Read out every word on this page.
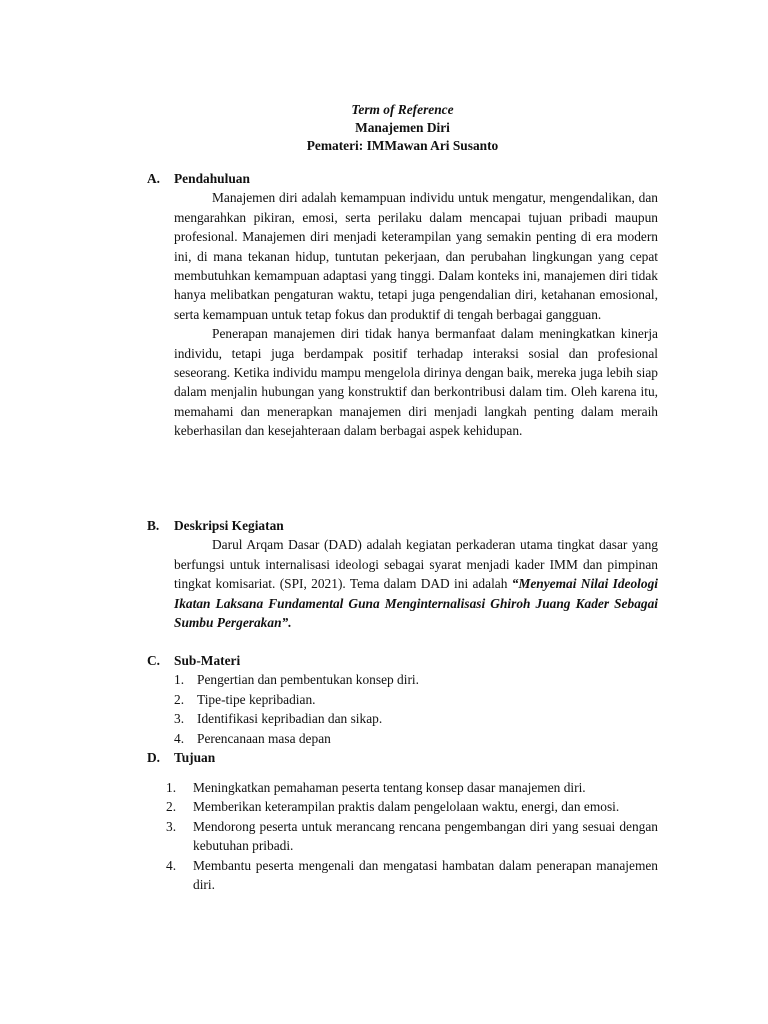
Term of Reference
Manajemen Diri
Pemateri: IMMawan Ari Susanto
A.	Pendahuluan

Manajemen diri adalah kemampuan individu untuk mengatur, mengendalikan, dan mengarahkan pikiran, emosi, serta perilaku dalam mencapai tujuan pribadi maupun profesional. Manajemen diri menjadi keterampilan yang semakin penting di era modern ini, di mana tekanan hidup, tuntutan pekerjaan, dan perubahan lingkungan yang cepat membutuhkan kemampuan adaptasi yang tinggi. Dalam konteks ini, manajemen diri tidak hanya melibatkan pengaturan waktu, tetapi juga pengendalian diri, ketahanan emosional, serta kemampuan untuk tetap fokus dan produktif di tengah berbagai gangguan.

Penerapan manajemen diri tidak hanya bermanfaat dalam meningkatkan kinerja individu, tetapi juga berdampak positif terhadap interaksi sosial dan profesional seseorang. Ketika individu mampu mengelola dirinya dengan baik, mereka juga lebih siap dalam menjalin hubungan yang konstruktif dan berkontribusi dalam tim. Oleh karena itu, memahami dan menerapkan manajemen diri menjadi langkah penting dalam meraih keberhasilan dan kesejahteraan dalam berbagai aspek kehidupan.

B.	Deskripsi Kegiatan

Darul Arqam Dasar (DAD) adalah kegiatan perkaderan utama tingkat dasar yang berfungsi untuk internalisasi ideologi sebagai syarat menjadi kader IMM dan pimpinan tingkat komisariat. (SPI, 2021). Tema dalam DAD ini adalah “Menyemai Nilai Ideologi Ikatan Laksana Fundamental Guna Menginternalisasi Ghiroh Juang Kader Sebagai Sumbu Pergerakan”.

C.	Sub-Materi
1. Pengertian dan pembentukan konsep diri.
2. Tipe-tipe kepribadian.
3. Identifikasi kepribadian dan sikap.
4. Perencanaan masa depan
D.	Tujuan
1.	Meningkatkan pemahaman peserta tentang konsep dasar manajemen diri.
2.	Memberikan keterampilan praktis dalam pengelolaan waktu, energi, dan emosi.
3.	Mendorong peserta untuk merancang rencana pengembangan diri yang sesuai dengan kebutuhan pribadi.
4.	Membantu peserta mengenali dan mengatasi hambatan dalam penerapan manajemen diri.
